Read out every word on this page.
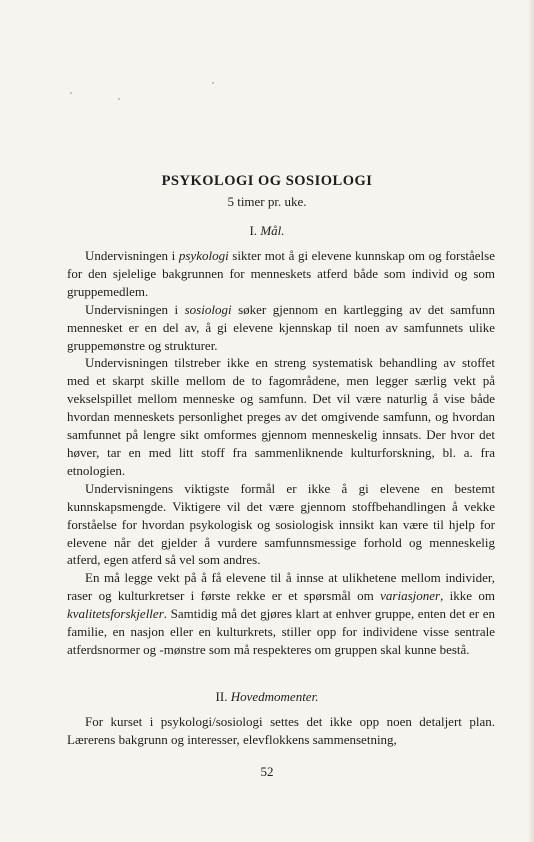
PSYKOLOGI OG SOSIOLOGI
5 timer pr. uke.
I. Mål.

Undervisningen i psykologi sikter mot å gi elevene kunnskap om og forståelse for den sjelelige bakgrunnen for menneskets atferd både som individ og som gruppemedlem.

Undervisningen i sosiologi søker gjennom en kartlegging av det samfunn mennesket er en del av, å gi elevene kjennskap til noen av samfunnets ulike gruppemønstre og strukturer.

Undervisningen tilstreber ikke en streng systematisk behandling av stoffet med et skarpt skille mellom de to fagområdene, men legger særlig vekt på vekselspillet mellom menneske og samfunn. Det vil være naturlig å vise både hvordan menneskets personlighet preges av det omgivende samfunn, og hvordan samfunnet på lengre sikt omformes gjennom menneskelig innsats. Der hvor det høver, tar en med litt stoff fra sammenliknende kulturforskning, bl. a. fra etnologien.

Undervisningens viktigste formål er ikke å gi elevene en bestemt kunnskapsmengde. Viktigere vil det være gjennom stoffbehandlingen å vekke forståelse for hvordan psykologisk og sosiologisk innsikt kan være til hjelp for elevene når det gjelder å vurdere samfunnsmessige forhold og menneskelig atferd, egen atferd så vel som andres.

En må legge vekt på å få elevene til å innse at ulikhetene mellom individer, raser og kulturkretser i første rekke er et spørsmål om variasjoner, ikke om kvalitetsforskjeller. Samtidig må det gjøres klart at enhver gruppe, enten det er en familie, en nasjon eller en kulturkrets, stiller opp for individene visse sentrale atferdsnormer og -mønstre som må respekteres om gruppen skal kunne bestå.

II. Hovedmomenter.

For kurset i psykologi/sosiologi settes det ikke opp noen detaljert plan. Lærerens bakgrunn og interesser, elevflokkens sammensetning,

52
